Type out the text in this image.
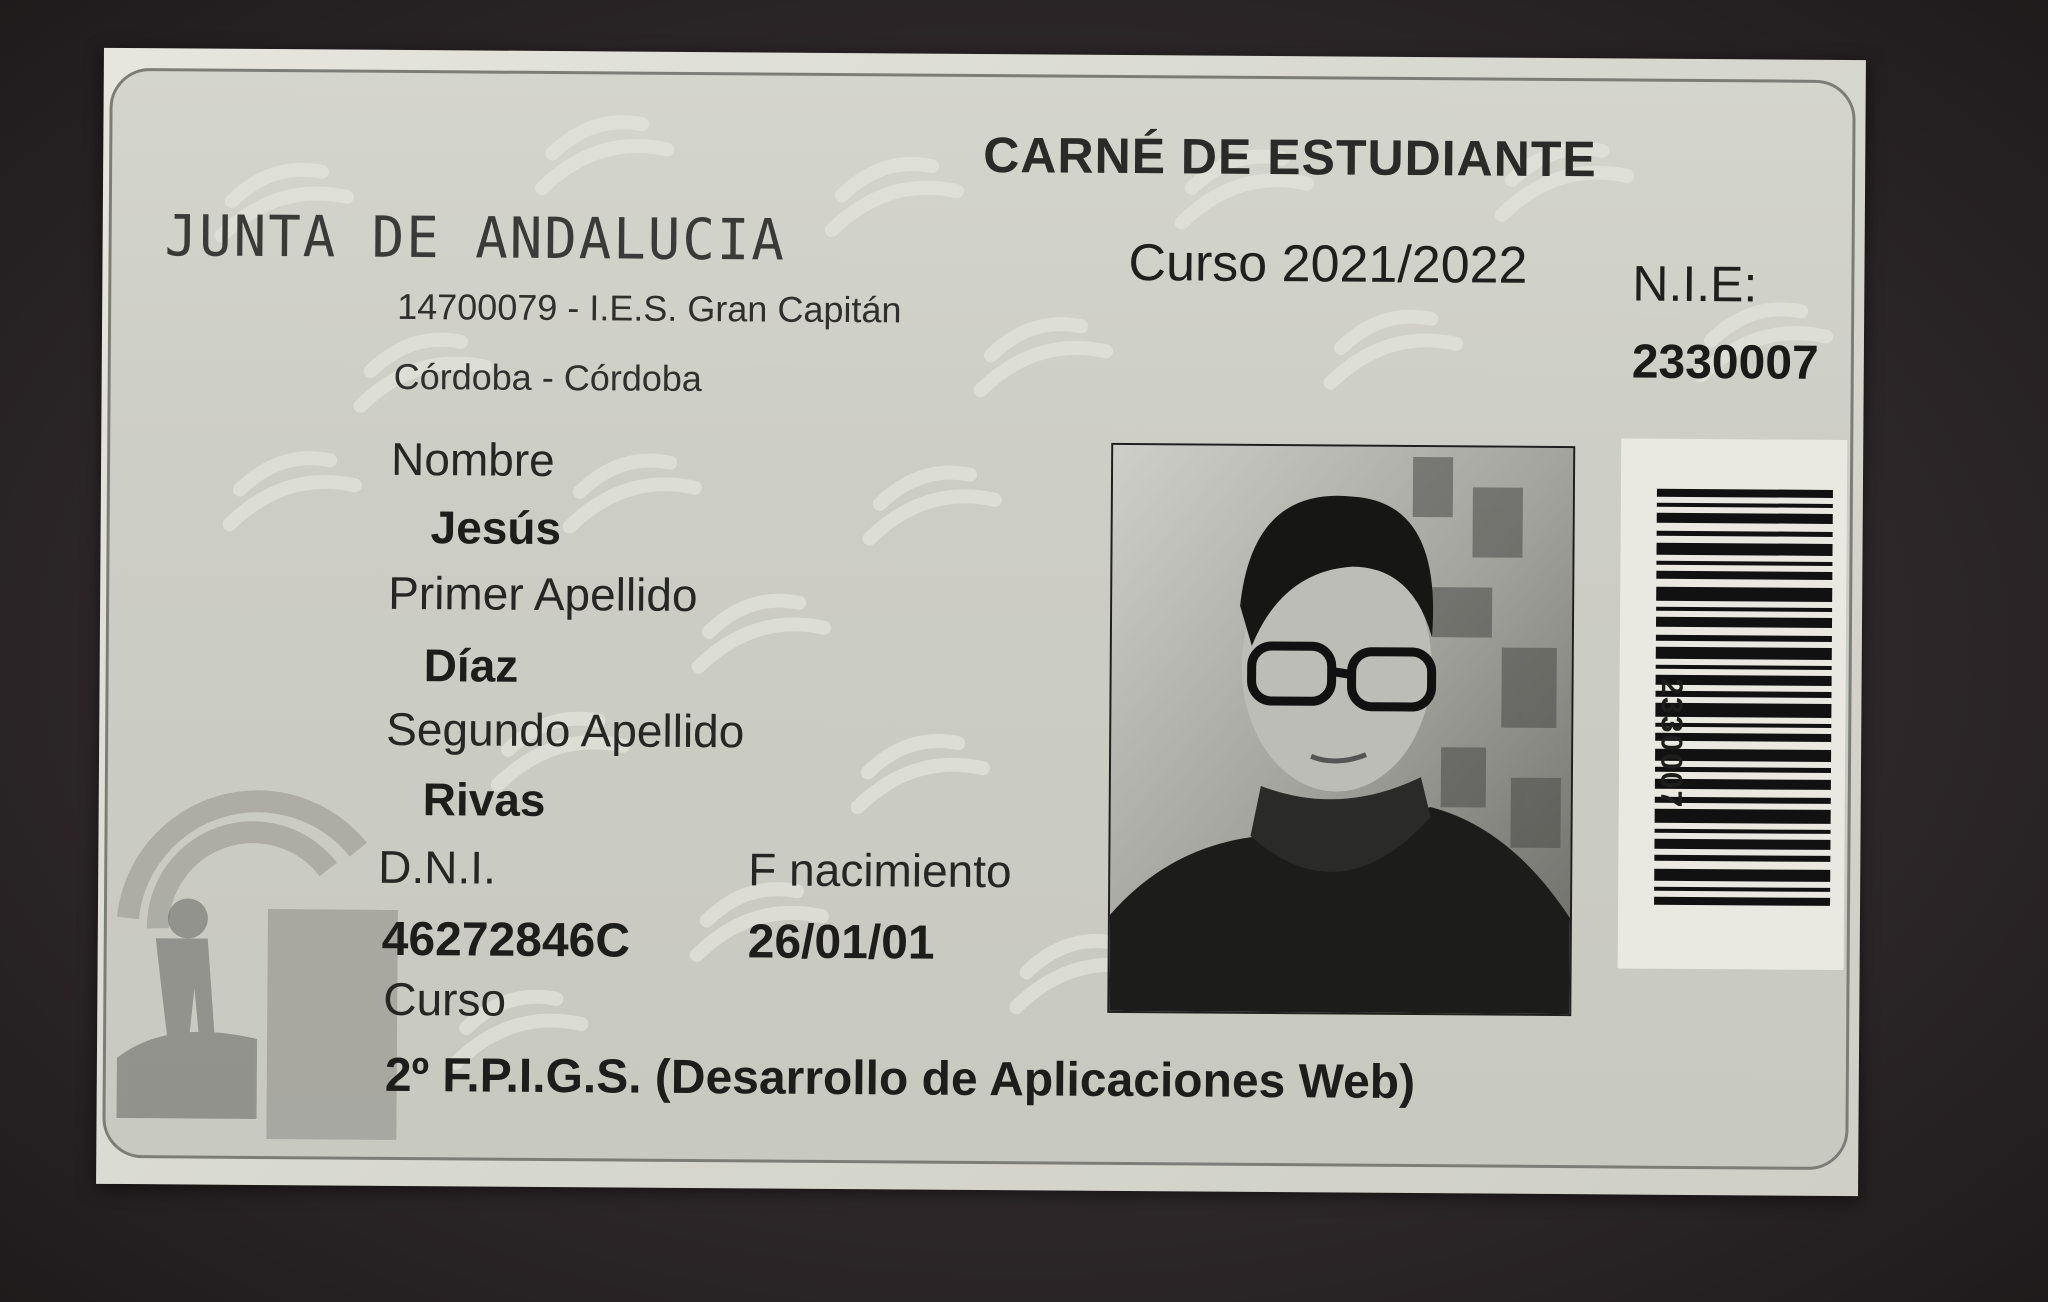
JUNTA DE ANDALUCIA
14700079 - I.E.S. Gran Capitán
Córdoba - Córdoba
CARNÉ DE ESTUDIANTE
Curso 2021/2022 N.I.E:
2330007
Nombre
Jesús
Primer Apellido
Díaz
Segundo Apellido
Rivas
D.N.I.
46272846C
F nacimiento
26/01/01
Curso
2º F.P.I.G.S. (Desarrollo de Aplicaciones Web)
2330007
